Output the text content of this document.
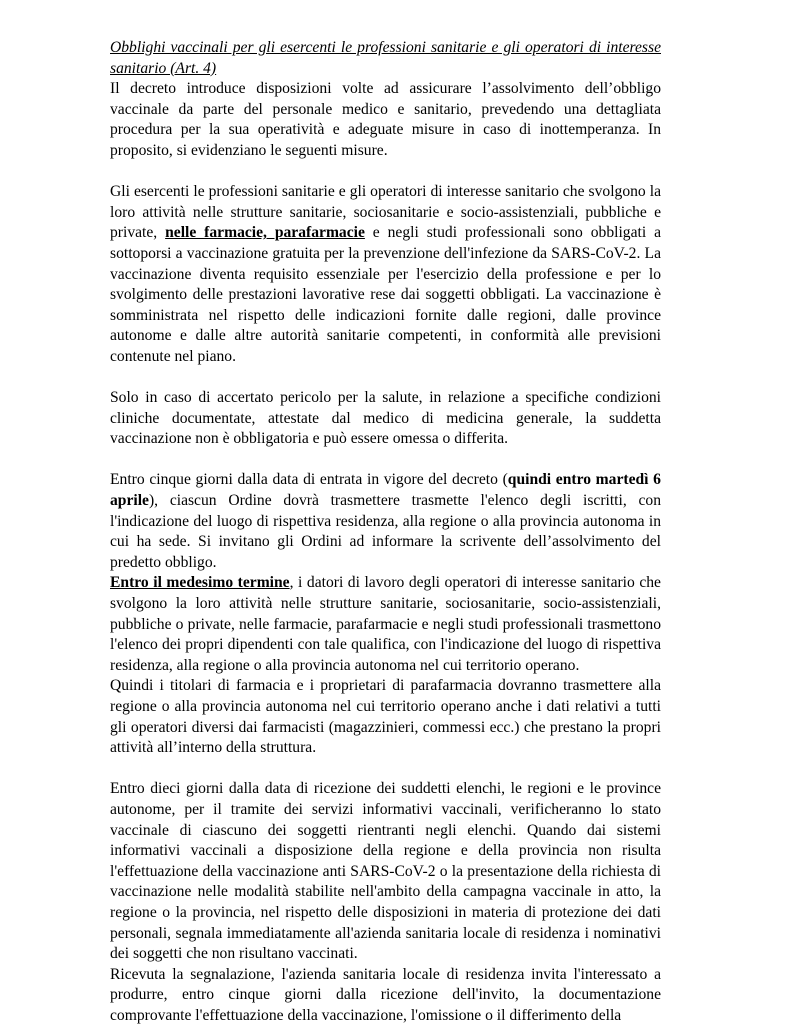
Obblighi vaccinali per gli esercenti le professioni sanitarie e gli operatori di interesse sanitario (Art. 4)

Il decreto introduce disposizioni volte ad assicurare l’assolvimento dell’obbligo vaccinale da parte del personale medico e sanitario, prevedendo una dettagliata procedura per la sua operatività e adeguate misure in caso di inottemperanza. In proposito, si evidenziano le seguenti misure.

Gli esercenti le professioni sanitarie e gli operatori di interesse sanitario che svolgono la loro attività nelle strutture sanitarie, sociosanitarie e socio-assistenziali, pubbliche e private, nelle farmacie, parafarmacie e negli studi professionali sono obbligati a sottoporsi a vaccinazione gratuita per la prevenzione dell'infezione da SARS-CoV-2. La vaccinazione diventa requisito essenziale per l'esercizio della professione e per lo svolgimento delle prestazioni lavorative rese dai soggetti obbligati. La vaccinazione è somministrata nel rispetto delle indicazioni fornite dalle regioni, dalle province autonome e dalle altre autorità sanitarie competenti, in conformità alle previsioni contenute nel piano.

Solo in caso di accertato pericolo per la salute, in relazione a specifiche condizioni cliniche documentate, attestate dal medico di medicina generale, la suddetta vaccinazione non è obbligatoria e può essere omessa o differita.

Entro cinque giorni dalla data di entrata in vigore del decreto (quindi entro martedì 6 aprile), ciascun Ordine dovrà trasmettere trasmette l'elenco degli iscritti, con l'indicazione del luogo di rispettiva residenza, alla regione o alla provincia autonoma in cui ha sede. Si invitano gli Ordini ad informare la scrivente dell’assolvimento del predetto obbligo.

Entro il medesimo termine, i datori di lavoro degli operatori di interesse sanitario che svolgono la loro attività nelle strutture sanitarie, sociosanitarie, socio-assistenziali, pubbliche o private, nelle farmacie, parafarmacie e negli studi professionali trasmettono l'elenco dei propri dipendenti con tale qualifica, con l'indicazione del luogo di rispettiva residenza, alla regione o alla provincia autonoma nel cui territorio operano.

Quindi i titolari di farmacia e i proprietari di parafarmacia dovranno trasmettere alla regione o alla provincia autonoma nel cui territorio operano anche i dati relativi a tutti gli operatori diversi dai farmacisti (magazzinieri, commessi ecc.) che prestano la propri attività all’interno della struttura.

Entro dieci giorni dalla data di ricezione dei suddetti elenchi, le regioni e le province autonome, per il tramite dei servizi informativi vaccinali, verificheranno lo stato vaccinale di ciascuno dei soggetti rientranti negli elenchi. Quando dai sistemi informativi vaccinali a disposizione della regione e della provincia non risulta l'effettuazione della vaccinazione anti SARS-CoV-2 o la presentazione della richiesta di vaccinazione nelle modalità stabilite nell'ambito della campagna vaccinale in atto, la regione o la provincia, nel rispetto delle disposizioni in materia di protezione dei dati personali, segnala immediatamente all'azienda sanitaria locale di residenza i nominativi dei soggetti che non risultano vaccinati.

Ricevuta la segnalazione, l'azienda sanitaria locale di residenza invita l'interessato a produrre, entro cinque giorni dalla ricezione dell'invito, la documentazione comprovante l'effettuazione della vaccinazione, l'omissione o il differimento della
